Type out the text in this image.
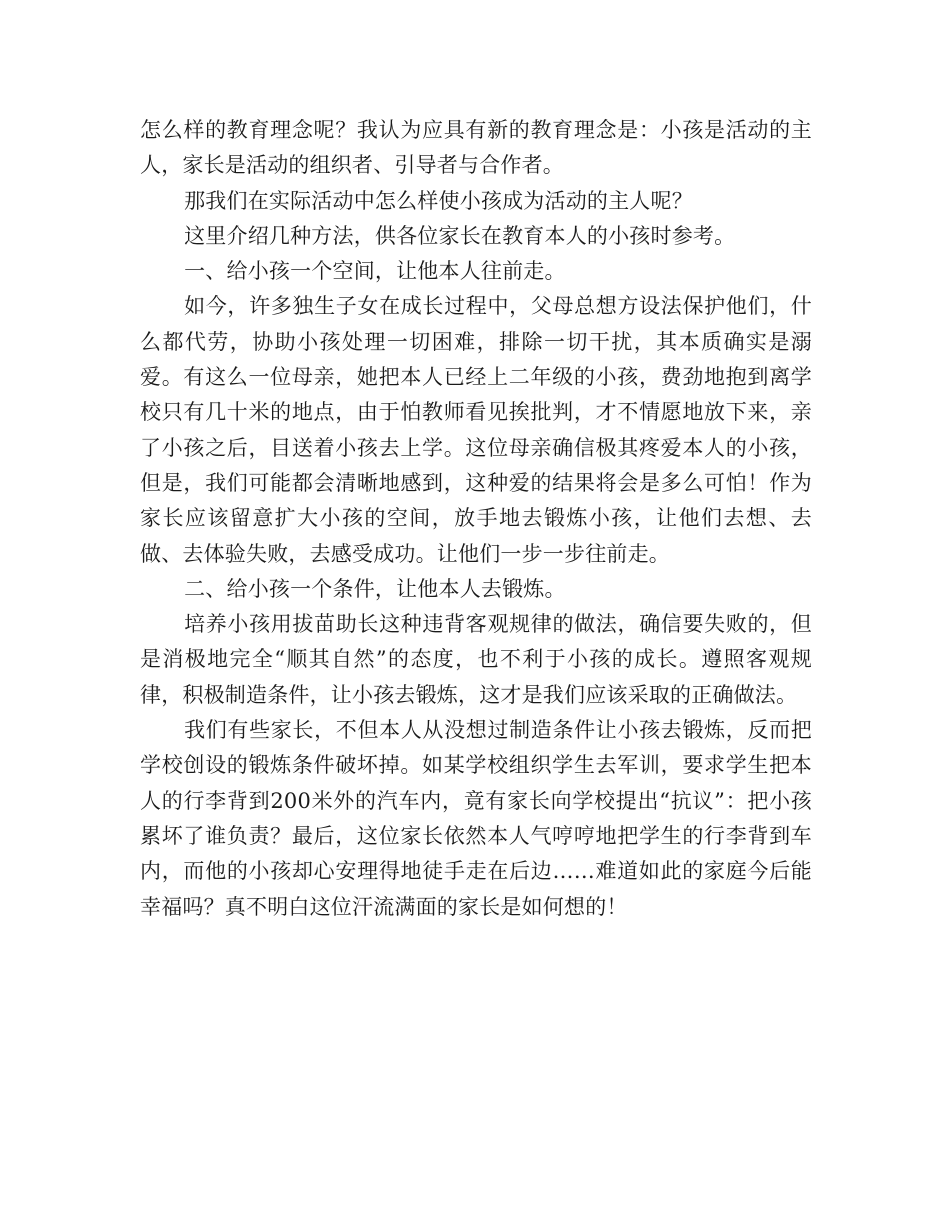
怎么样的教育理念呢？我认为应具有新的教育理念是：小孩是活动的主人，家长是活动的组织者、引导者与合作者。

那我们在实际活动中怎么样使小孩成为活动的主人呢？

这里介绍几种方法，供各位家长在教育本人的小孩时参考。

一、给小孩一个空间，让他本人往前走。

如今，许多独生子女在成长过程中，父母总想方设法保护他们，什么都代劳，协助小孩处理一切困难，排除一切干扰，其本质确实是溺爱。有这么一位母亲，她把本人已经上二年级的小孩，费劲地抱到离学校只有几十米的地点，由于怕教师看见挨批判，才不情愿地放下来，亲了小孩之后，目送着小孩去上学。这位母亲确信极其疼爱本人的小孩，但是，我们可能都会清晰地感到，这种爱的结果将会是多么可怕！作为家长应该留意扩大小孩的空间，放手地去锻炼小孩，让他们去想、去做、去体验失败，去感受成功。让他们一步一步往前走。

二、给小孩一个条件，让他本人去锻炼。

培养小孩用拔苗助长这种违背客观规律的做法，确信要失败的，但是消极地完全“顺其自然”的态度，也不利于小孩的成长。遵照客观规律，积极制造条件，让小孩去锻炼，这才是我们应该采取的正确做法。

我们有些家长，不但本人从没想过制造条件让小孩去锻炼，反而把学校创设的锻炼条件破坏掉。如某学校组织学生去军训，要求学生把本人的行李背到200米外的汽车内，竟有家长向学校提出“抗议”：把小孩累坏了谁负责？最后，这位家长依然本人气哼哼地把学生的行李背到车内，而他的小孩却心安理得地徒手走在后边……难道如此的家庭今后能幸福吗？真不明白这位汗流满面的家长是如何想的！
